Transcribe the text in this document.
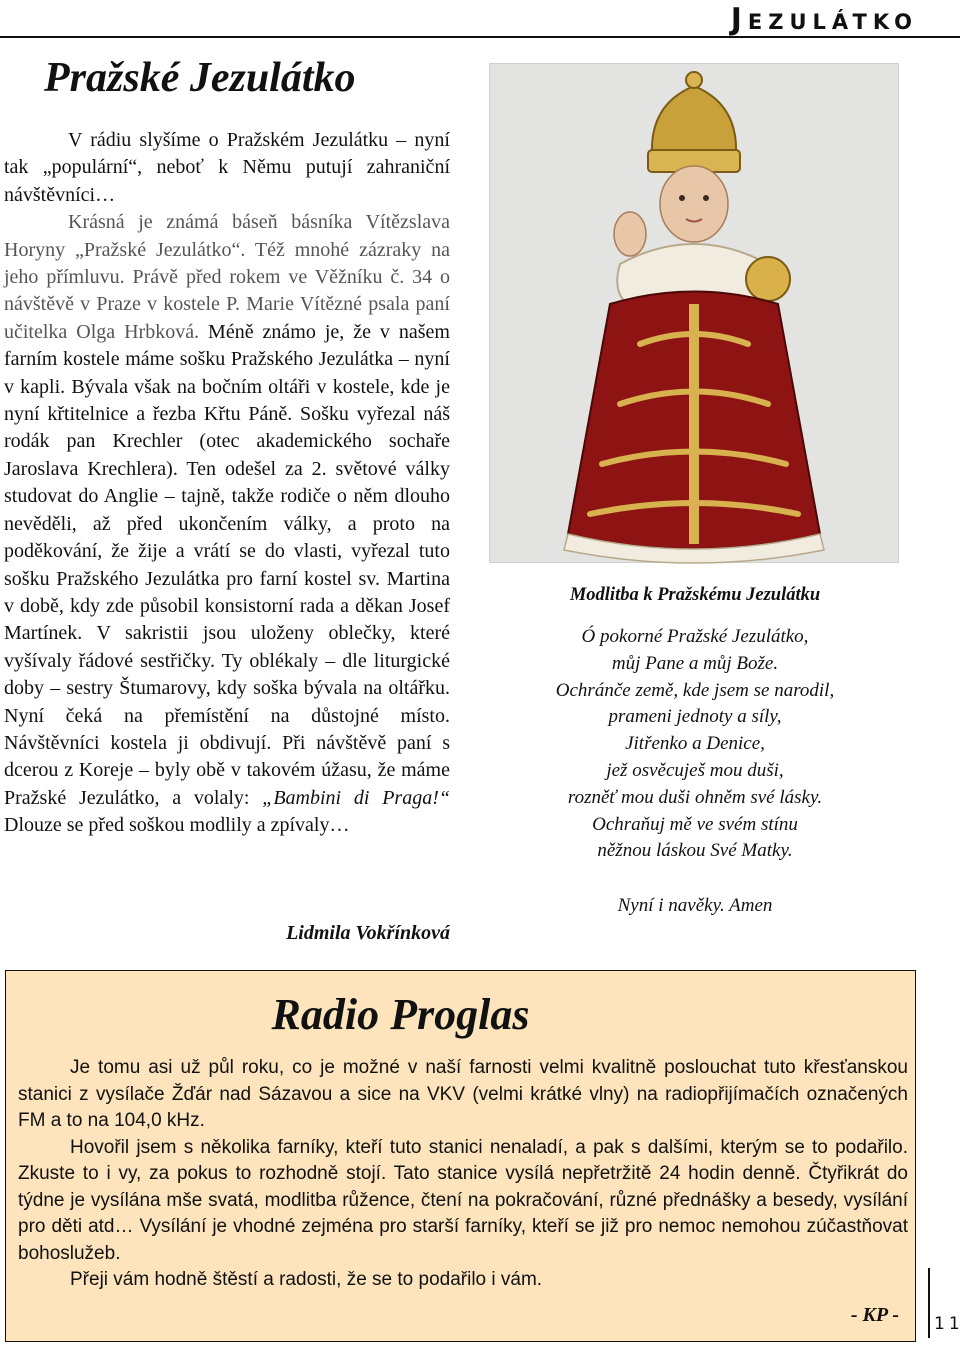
Jezulátko
Pražské Jezulátko

V rádiu slyšíme o Pražském Jezulátku – nyní tak „populární“, neboť k Němu putují zahraniční návštěvníci…

Krásná je známá báseň básníka Vítězslava Horyny „Pražské Jezulátko“. Též mnohé zázraky na jeho přímluvu. Právě před rokem ve Věžníku č. 34 o návštěvě v Praze v kostele P. Marie Vítězné psala paní učitelka Olga Hrbková. Méně známo je, že v našem farním kostele máme sošku Pražského Jezulátka – nyní v kapli. Bývala však na bočním oltáři v kostele, kde je nyní křtitelnice a řezba Křtu Páně. Sošku vyřezal náš rodák pan Krechler (otec akademického sochaře Jaroslava Krechlera). Ten odešel za 2. světové války studovat do Anglie – tajně, takže rodiče o něm dlouho nevěděli, až před ukončením války, a proto na poděkování, že žije a vrátí se do vlasti, vyřezal tuto sošku Pražského Jezulátka pro farní kostel sv. Martina v době, kdy zde působil konsistorní rada a děkan Josef Martínek. V sakristii jsou uloženy oblečky, které vyšívaly řádové sestřičky. Ty oblékaly – dle liturgické doby – sestry Štumarovy, kdy soška bývala na oltářku. Nyní čeká na přemístění na důstojné místo. Návštěvníci kostela ji obdivují. Při návštěvě paní s dcerou z Koreje – byly obě v takovém úžasu, že máme Pražské Jezulátko, a volaly: „Bambini di Praga!“ Dlouze se před soškou modlily a zpívaly…

Lidmila Vokřínková

Modlitba k Pražskému Jezulátku

Ó pokorné Pražské Jezulátko,
můj Pane a můj Bože.
Ochránče země, kde jsem se narodil,
prameni jednoty a síly,
Jitřenko a Denice,
jež osvěcuješ mou duši,
rozněť mou duši ohněm své lásky.
Ochraňuj mě ve svém stínu
něžnou láskou Své Matky.
Nyní i navěky. Amen
Radio Proglas

Je tomu asi už půl roku, co je možné v naší farnosti velmi kvalitně poslouchat tuto křesťanskou stanici z vysílače Žďár nad Sázavou a sice na VKV (velmi krátké vlny) na radiopřijímačích označených FM a to na 104,0 kHz.

Hovořil jsem s několika farníky, kteří tuto stanici nenaladí, a pak s dalšími, kterým se to podařilo. Zkuste to i vy, za pokus to rozhodně stojí. Tato stanice vysílá nepřetržitě 24 hodin denně. Čtyřikrát do týdne je vysílána mše svatá, modlitba růžence, čtení na pokračování, různé přednášky a besedy, vysílání pro děti atd… Vysílání je vhodné zejména pro starší farníky, kteří se již pro nemoc nemohou zúčastňovat bohoslužeb.

Přeji vám hodně štěstí a radosti, že se to podařilo i vám.

- KP - 11
